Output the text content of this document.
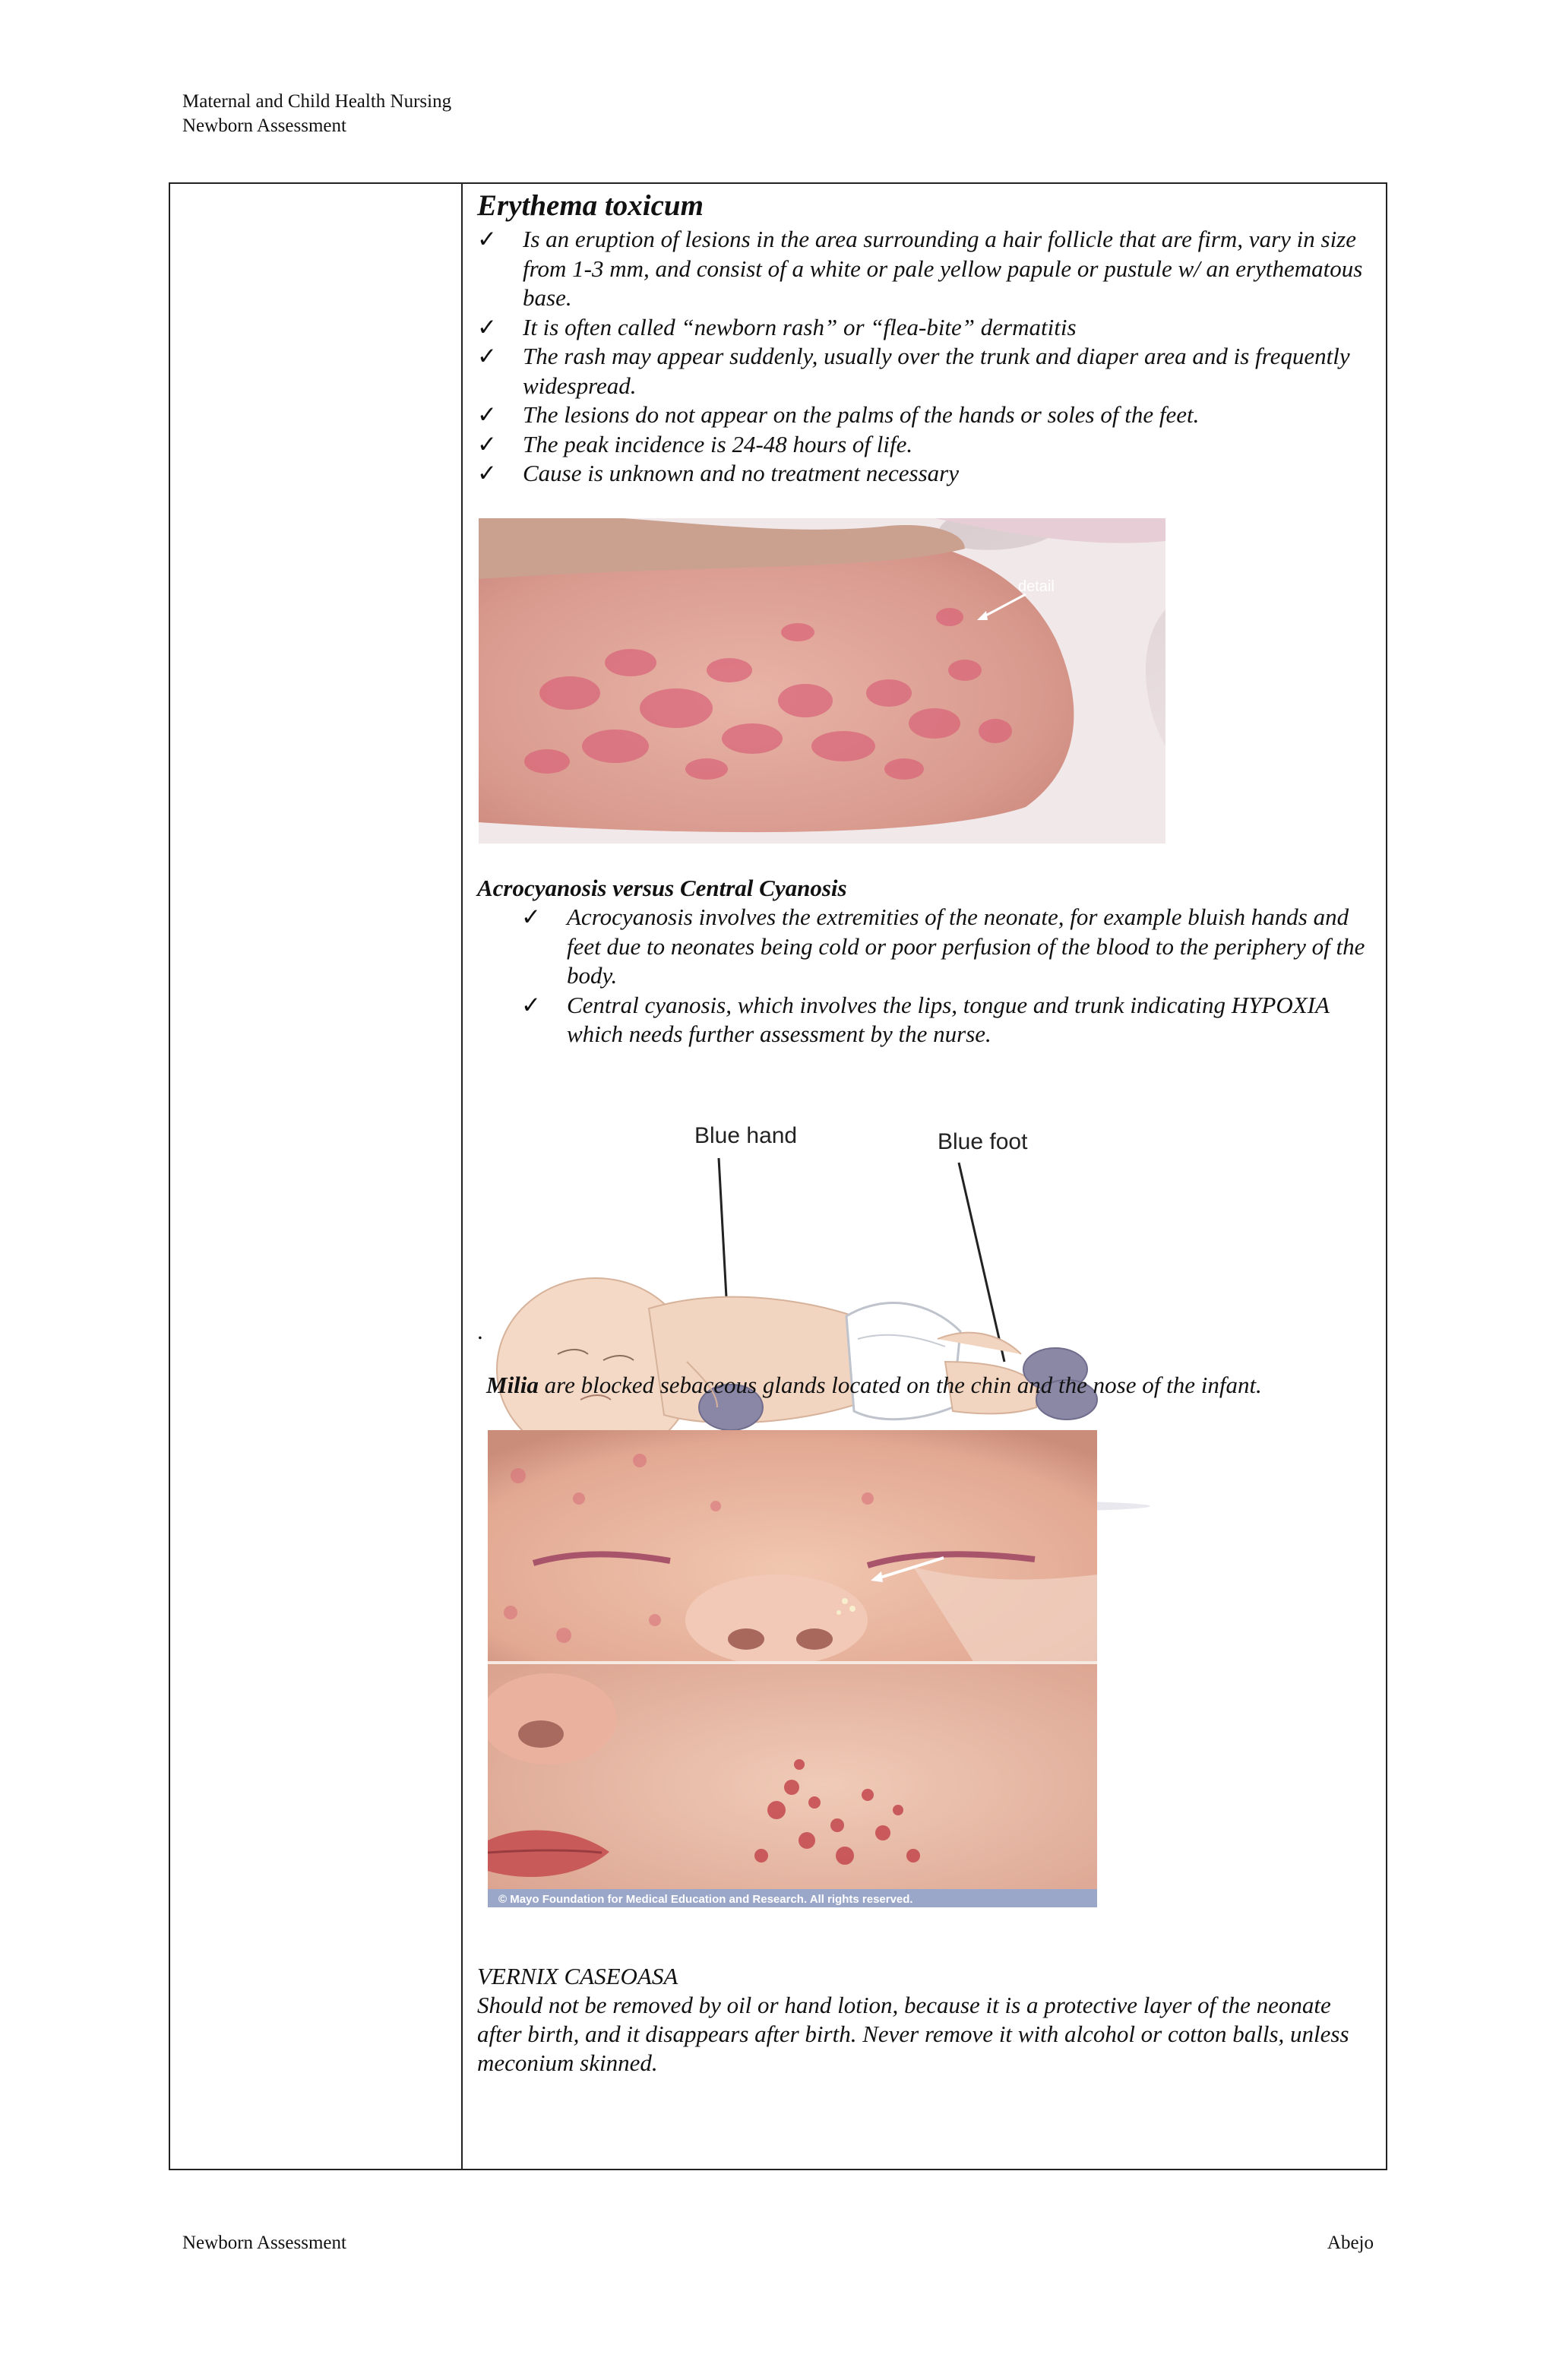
Maternal and Child Health Nursing
Newborn Assessment
Erythema toxicum
✓ Is an eruption of lesions in the area surrounding a hair follicle that are firm, vary in size from 1-3 mm, and consist of a white or pale yellow papule or pustule w/ an erythematous base.
✓ It is often called “newborn rash” or “flea-bite” dermatitis
✓ The rash may appear suddenly, usually over the trunk and diaper area and is frequently widespread.
✓ The lesions do not appear on the palms of the hands or soles of the feet.
✓ The peak incidence is 24-48 hours of life.
✓ Cause is unknown and no treatment necessary
detail
Acrocyanosis versus Central Cyanosis
✓ Acrocyanosis involves the extremities of the neonate, for example bluish hands and feet due to neonates being cold or poor perfusion of the blood to the periphery of the body.
✓ Central cyanosis, which involves the lips, tongue and trunk indicating HYPOXIA which needs further assessment by the nurse.
Blue hand	Blue foot
.
Milia are blocked sebaceous glands located on the chin and the nose of the infant.
© Mayo Foundation for Medical Education and Research. All rights reserved.
VERNIX CASEOASA
Should not be removed by oil or hand lotion, because it is a protective layer of the neonate after birth, and it disappears after birth. Never remove it with alcohol or cotton balls, unless meconium skinned.
Newborn Assessment	Abejo
